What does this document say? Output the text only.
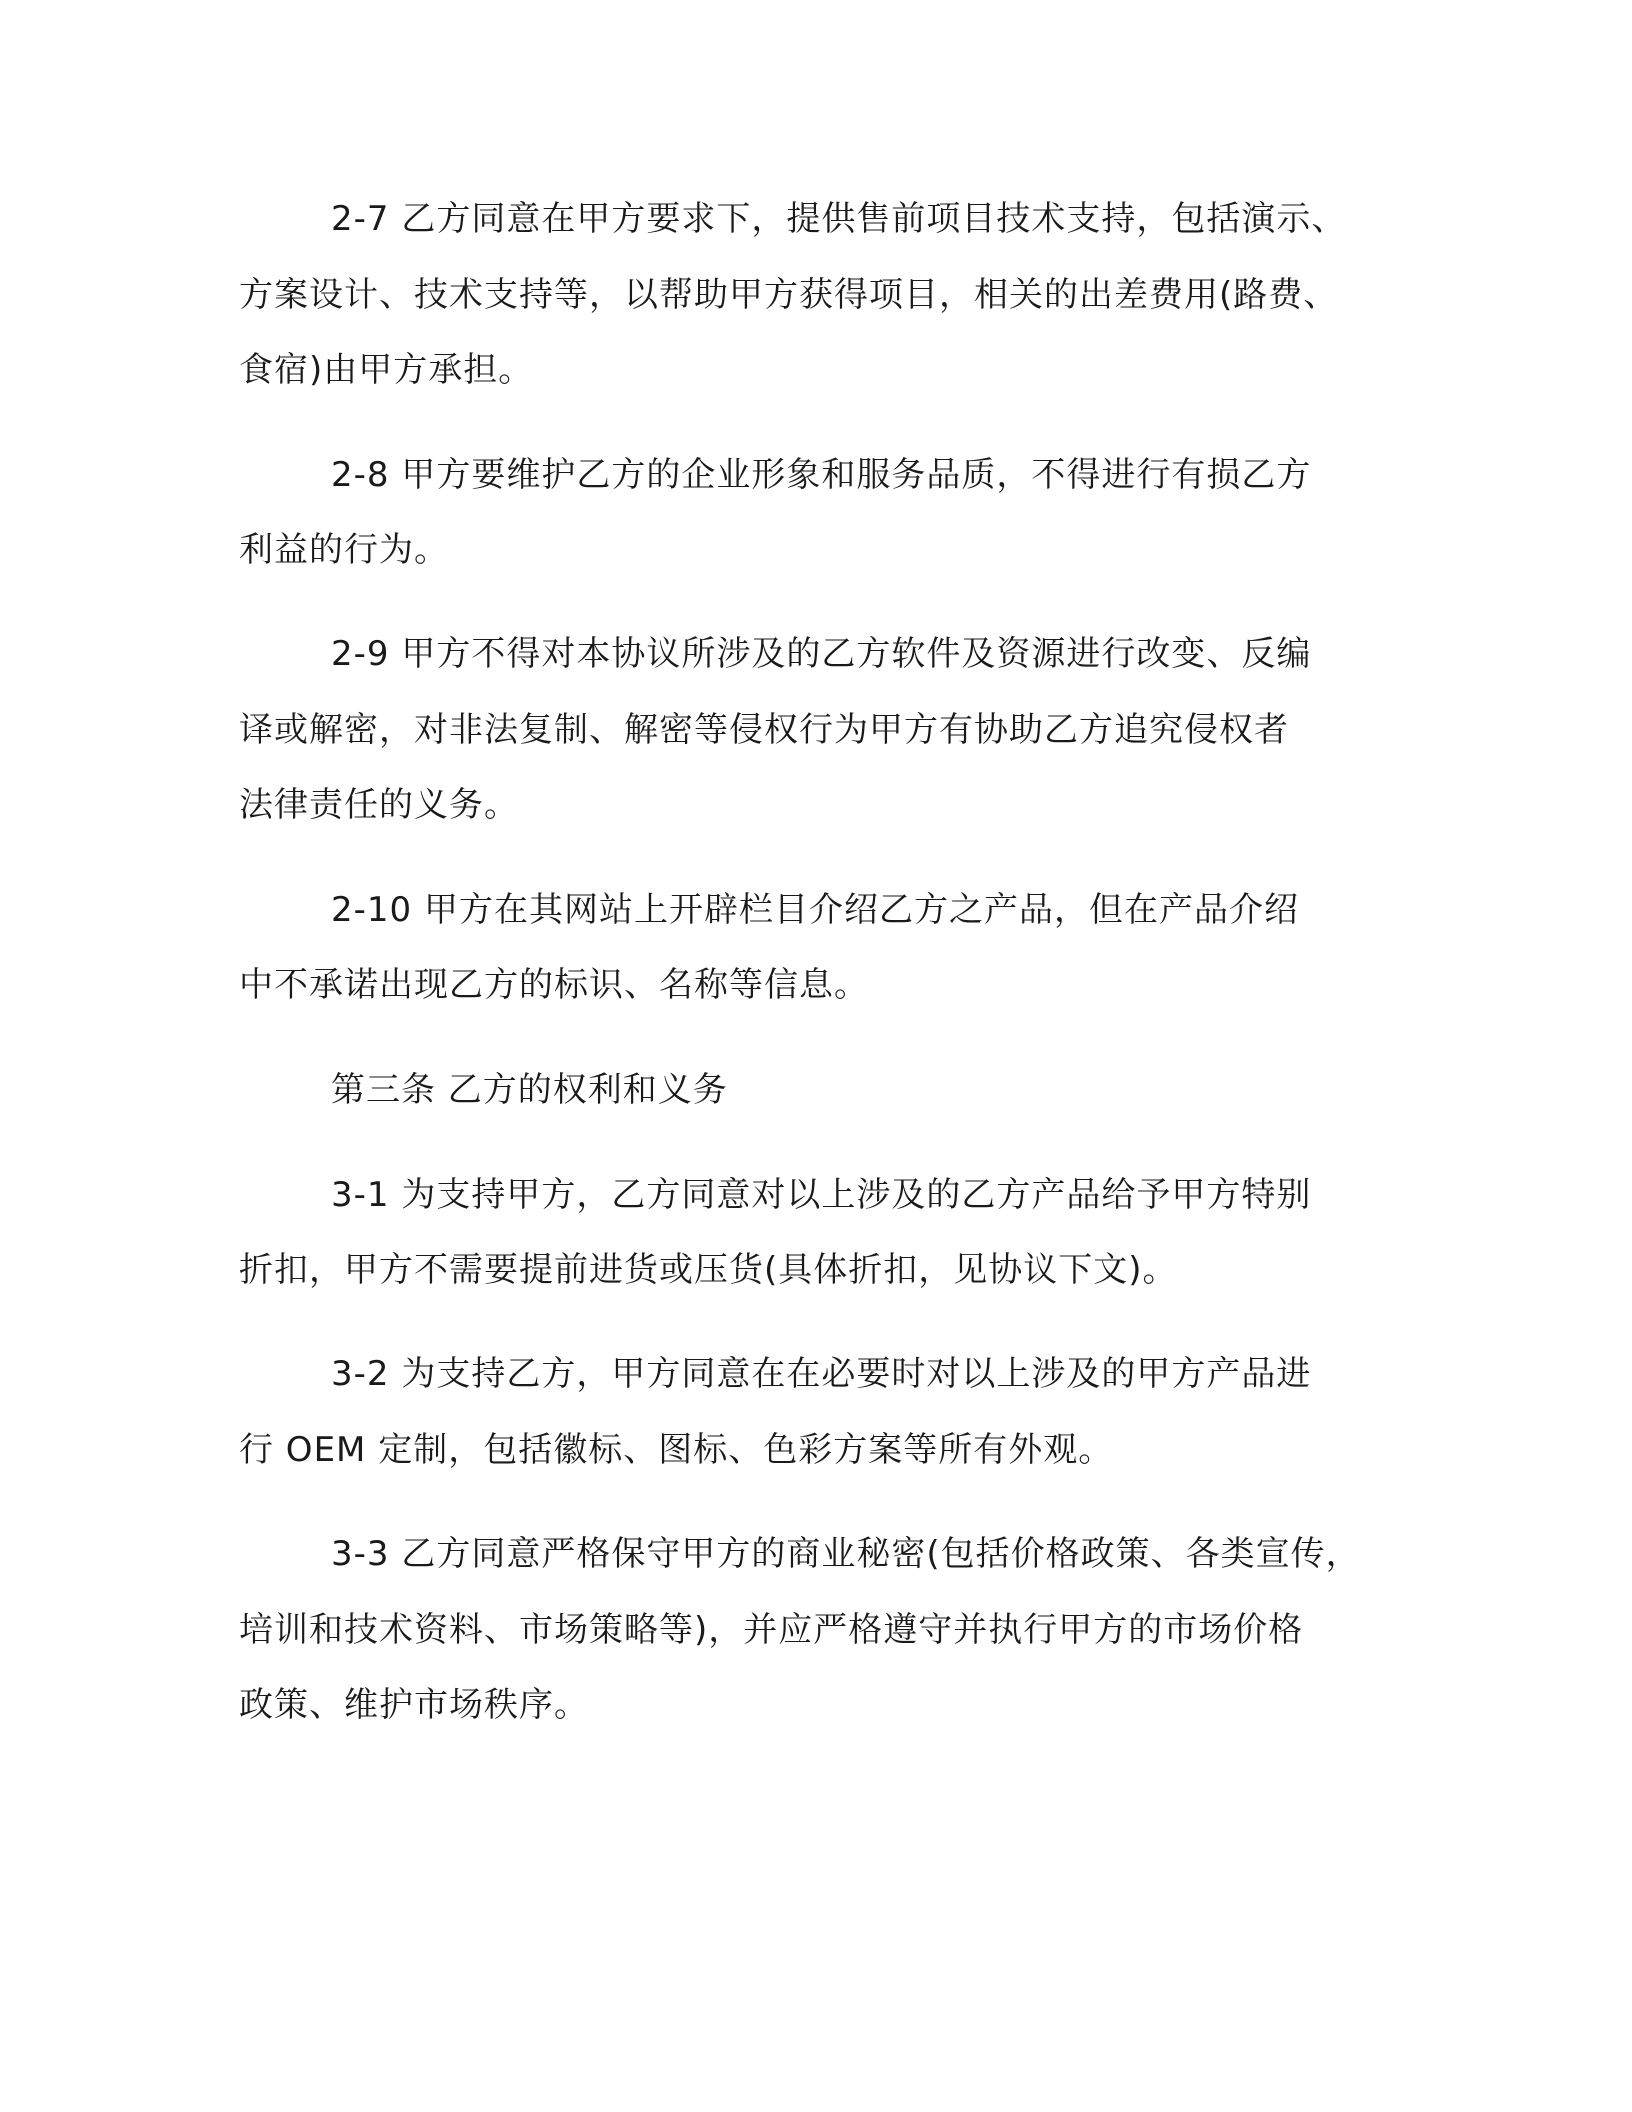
2-7 乙方同意在甲方要求下，提供售前项目技术支持，包括演示、
方案设计、技术支持等，以帮助甲方获得项目，相关的出差费用(路费、
食宿)由甲方承担。
2-8 甲方要维护乙方的企业形象和服务品质，不得进行有损乙方
利益的行为。
2-9 甲方不得对本协议所涉及的乙方软件及资源进行改变、反编
译或解密，对非法复制、解密等侵权行为甲方有协助乙方追究侵权者
法律责任的义务。
2-10 甲方在其网站上开辟栏目介绍乙方之产品，但在产品介绍
中不承诺出现乙方的标识、名称等信息。
第三条 乙方的权利和义务
3-1 为支持甲方，乙方同意对以上涉及的乙方产品给予甲方特别
折扣，甲方不需要提前进货或压货(具体折扣，见协议下文)。
3-2 为支持乙方，甲方同意在在必要时对以上涉及的甲方产品进
行 OEM 定制，包括徽标、图标、色彩方案等所有外观。
3-3 乙方同意严格保守甲方的商业秘密(包括价格政策、各类宣传，
培训和技术资料、市场策略等)，并应严格遵守并执行甲方的市场价格
政策、维护市场秩序。
